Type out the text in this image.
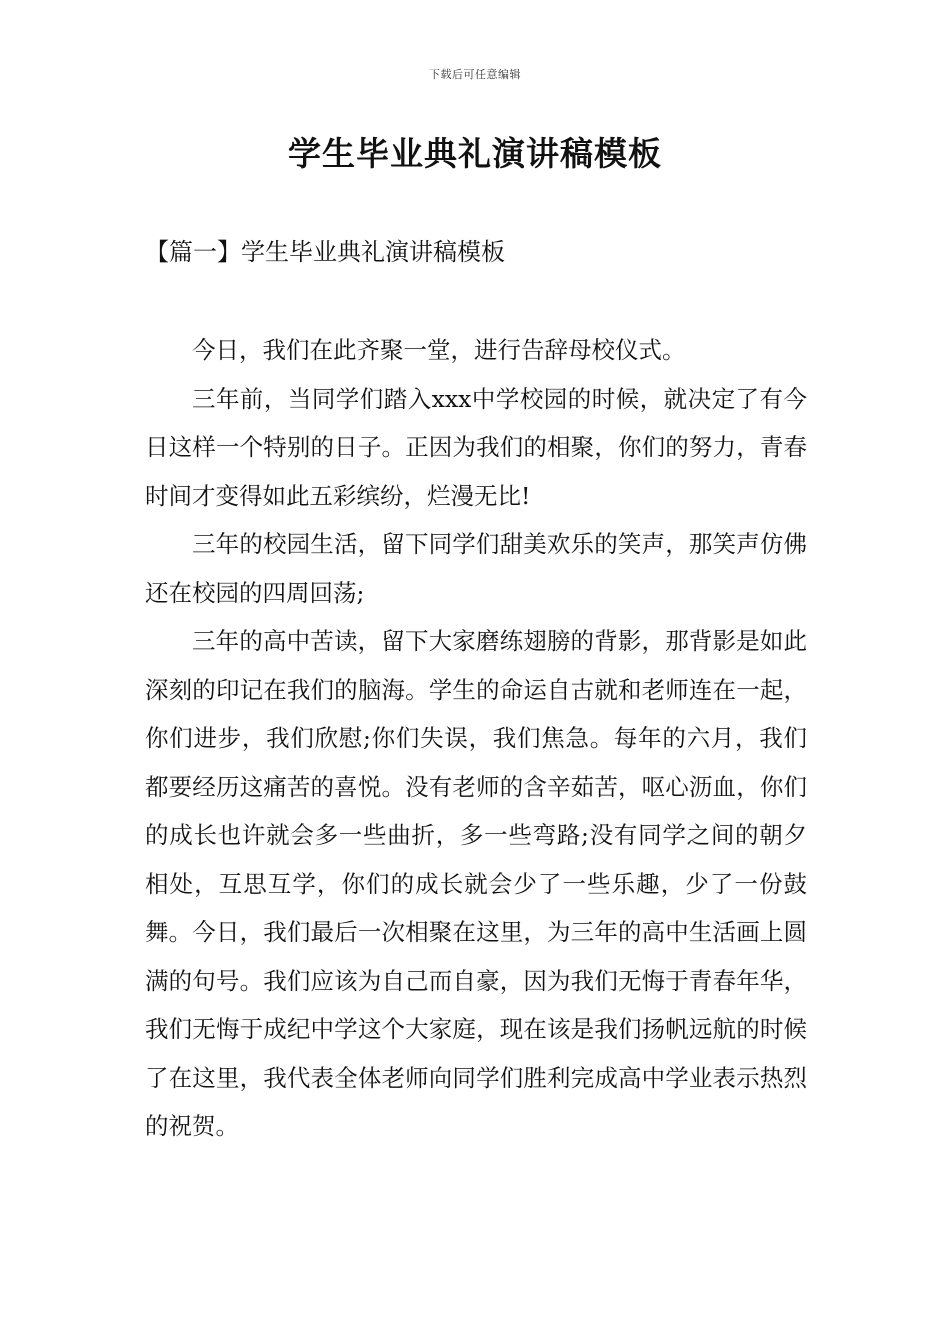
下载后可任意编辑
学生毕业典礼演讲稿模板
【篇一】学生毕业典礼演讲稿模板

今日，我们在此齐聚一堂，进行告辞母校仪式。

三年前，当同学们踏入xxx中学校园的时候，就决定了有今日这样一个特别的日子。正因为我们的相聚，你们的努力，青春时间才变得如此五彩缤纷，烂漫无比!

三年的校园生活，留下同学们甜美欢乐的笑声，那笑声仿佛还在校园的四周回荡;

三年的高中苦读，留下大家磨练翅膀的背影，那背影是如此深刻的印记在我们的脑海。学生的命运自古就和老师连在一起，你们进步，我们欣慰;你们失误，我们焦急。每年的六月，我们都要经历这痛苦的喜悦。没有老师的含辛茹苦，呕心沥血，你们的成长也许就会多一些曲折，多一些弯路;没有同学之间的朝夕相处，互思互学，你们的成长就会少了一些乐趣，少了一份鼓舞。今日，我们最后一次相聚在这里，为三年的高中生活画上圆满的句号。我们应该为自己而自豪，因为我们无悔于青春年华，我们无悔于成纪中学这个大家庭，现在该是我们扬帆远航的时候了在这里，我代表全体老师向同学们胜利完成高中学业表示热烈的祝贺。
